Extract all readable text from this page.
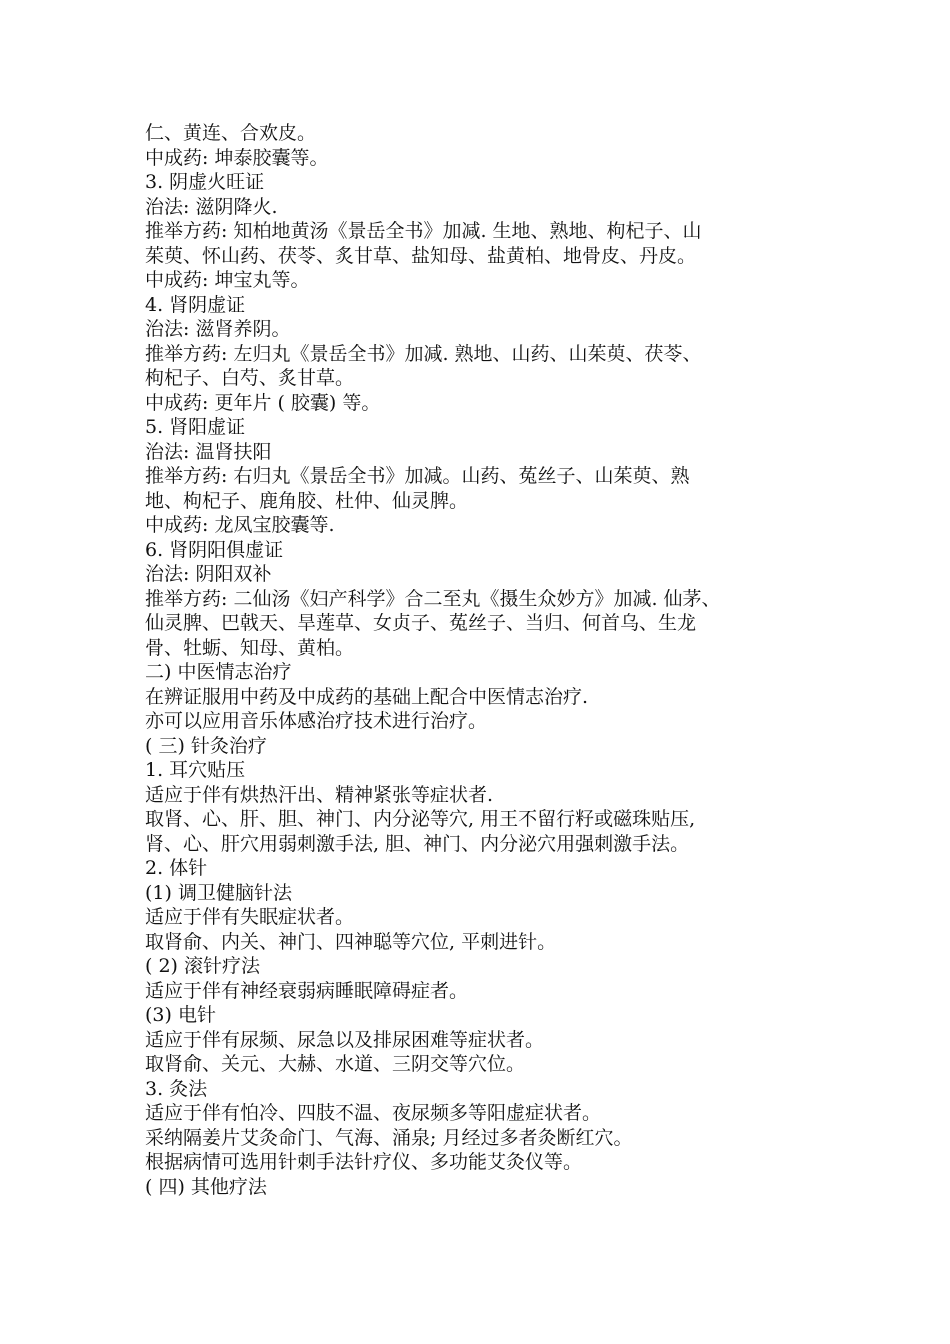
仁、黄连、合欢皮。
中成药: 坤泰胶囊等。
3. 阴虚火旺证
治法: 滋阴降火.
推举方药: 知柏地黄汤《景岳全书》加减. 生地、熟地、枸杞子、山
茱萸、怀山药、茯苓、炙甘草、盐知母、盐黄柏、地骨皮、丹皮。
中成药: 坤宝丸等。
4. 肾阴虚证
治法: 滋肾养阴。
推举方药: 左归丸《景岳全书》加减. 熟地、山药、山茱萸、茯苓、
枸杞子、白芍、炙甘草。
中成药: 更年片 ( 胶囊) 等。
5. 肾阳虚证
治法: 温肾扶阳
推举方药: 右归丸《景岳全书》加减。山药、菟丝子、山茱萸、熟
地、枸杞子、鹿角胶、杜仲、仙灵脾。
中成药: 龙凤宝胶囊等.
6. 肾阴阳俱虚证
治法: 阴阳双补
推举方药: 二仙汤《妇产科学》合二至丸《摄生众妙方》加减. 仙茅、
仙灵脾、巴戟天、旱莲草、女贞子、菟丝子、当归、何首乌、生龙
骨、牡蛎、知母、黄柏。
二) 中医情志治疗
在辨证服用中药及中成药的基础上配合中医情志治疗.
亦可以应用音乐体感治疗技术进行治疗。
( 三) 针灸治疗
1. 耳穴贴压
适应于伴有烘热汗出、精神紧张等症状者.
取肾、心、肝、胆、神门、内分泌等穴, 用王不留行籽或磁珠贴压,
肾、心、肝穴用弱刺激手法, 胆、神门、内分泌穴用强刺激手法。
2. 体针
(1) 调卫健脑针法
适应于伴有失眠症状者。
取肾俞、内关、神门、四神聪等穴位, 平刺进针。
( 2) 滚针疗法
适应于伴有神经衰弱病睡眠障碍症者。
(3) 电针
适应于伴有尿频、尿急以及排尿困难等症状者。
取肾俞、关元、大赫、水道、三阴交等穴位。
3. 灸法
适应于伴有怕冷、四肢不温、夜尿频多等阳虚症状者。
采纳隔姜片艾灸命门、气海、涌泉; 月经过多者灸断红穴。
根据病情可选用针刺手法针疗仪、多功能艾灸仪等。
( 四) 其他疗法
